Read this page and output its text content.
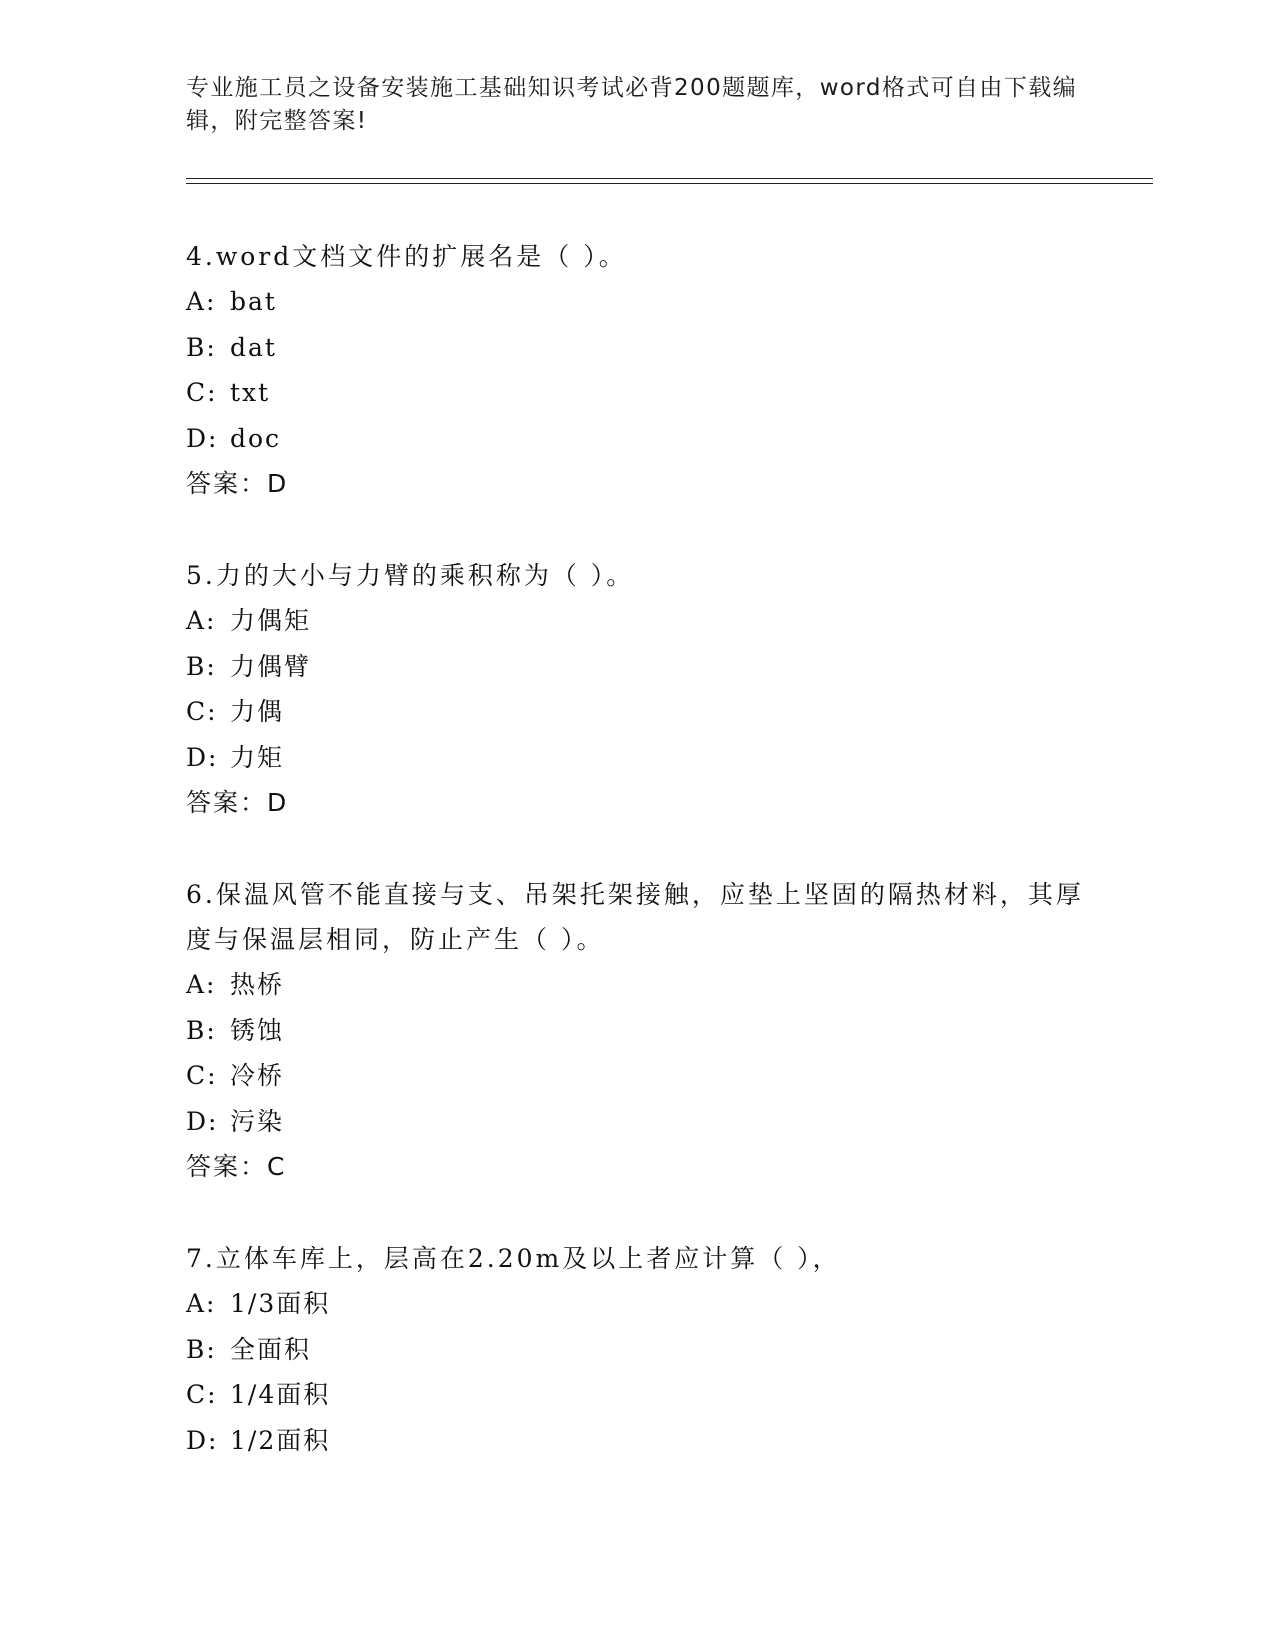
专业施工员之设备安装施工基础知识考试必背200题题库，word格式可自由下载编辑，附完整答案!

4.word文档文件的扩展名是（ ）。

A: bat
B: dat
C: txt
D: doc

答案：D

5.力的大小与力臂的乘积称为（ ）。

A: 力偶矩
B: 力偶臂
C: 力偶
D: 力矩

答案：D

6.保温风管不能直接与支、吊架托架接触，应垫上坚固的隔热材料，其厚度与保温层相同，防止产生（ ）。

A: 热桥
B: 锈蚀
C: 冷桥
D: 污染

答案：C

7.立体车库上，层高在2.20m及以上者应计算（ ），

A: 1/3面积
B: 全面积
C: 1/4面积
D: 1/2面积
